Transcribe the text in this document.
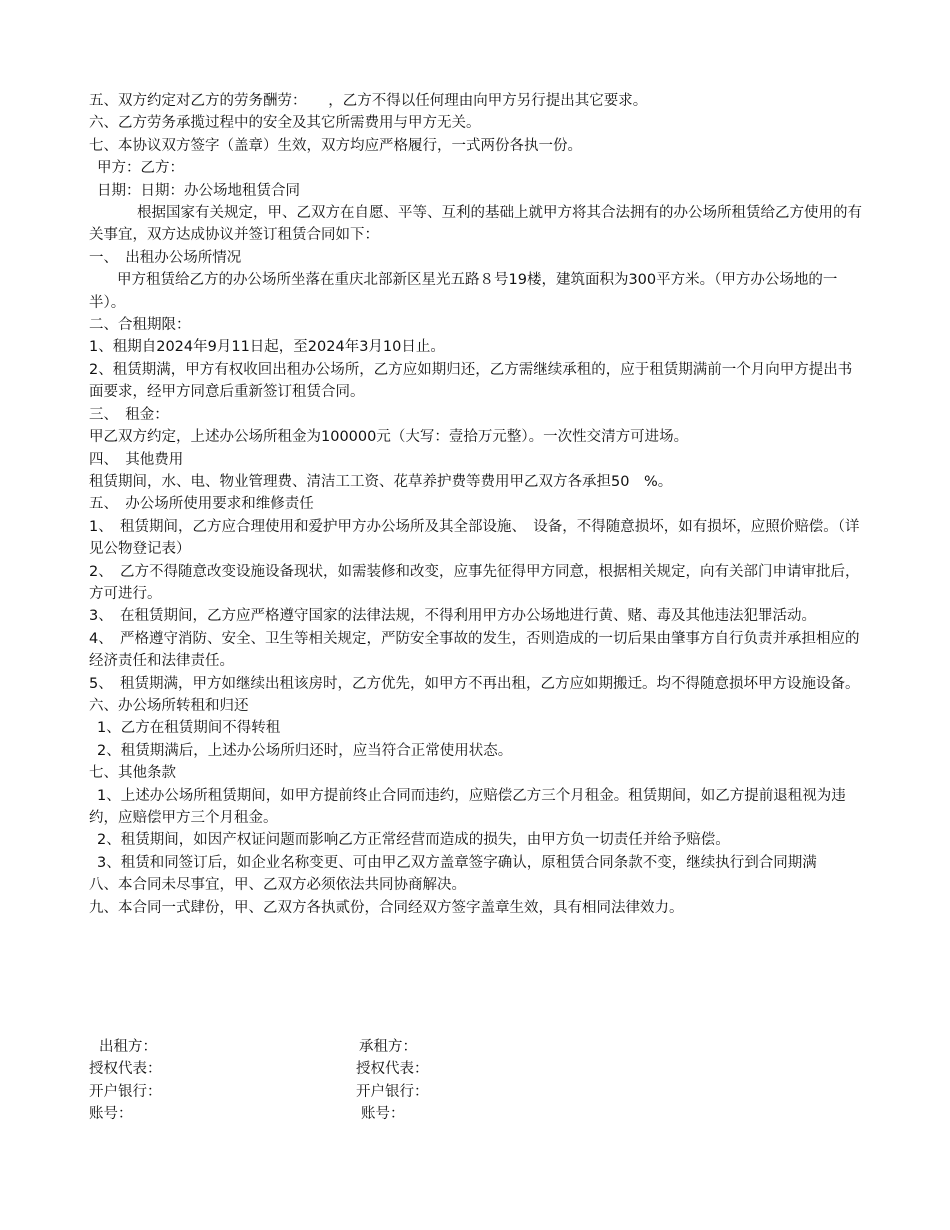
五、双方约定对乙方的劳务酬劳：　　，乙方不得以任何理由向甲方另行提出其它要求。
六、乙方劳务承揽过程中的安全及其它所需费用与甲方无关。
七、本协议双方签字（盖章）生效，双方均应严格履行，一式两份各执一份。
甲方：乙方：
日期：日期：办公场地租赁合同
根据国家有关规定，甲、乙双方在自愿、平等、互利的基础上就甲方将其合法拥有的办公场所租赁给乙方使用的有关事宜，双方达成协议并签订租赁合同如下：
一、　出租办公场所情况
甲方租赁给乙方的办公场所坐落在重庆北部新区星光五路８号19楼，建筑面积为300平方米。（甲方办公场地的一半）。
二、合租期限：
1、租期自2024年9月11日起，至2024年3月10日止。
2、租赁期满，甲方有权收回出租办公场所，乙方应如期归还，乙方需继续承租的，应于租赁期满前一个月向甲方提出书面要求，经甲方同意后重新签订租赁合同。
三、　租金：
甲乙双方约定，上述办公场所租金为100000元（大写：壹拾万元整）。一次性交清方可进场。
四、　其他费用
租赁期间，水、电、物业管理费、清洁工工资、花草养护费等费用甲乙双方各承担50　%。
五、　办公场所使用要求和维修责任
1、　租赁期间，乙方应合理使用和爱护甲方办公场所及其全部设施、　设备，不得随意损坏，如有损坏，应照价赔偿。（详见公物登记表）
2、　乙方不得随意改变设施设备现状，如需装修和改变，应事先征得甲方同意，根据相关规定，向有关部门申请审批后，方可进行。
3、　在租赁期间，乙方应严格遵守国家的法律法规，不得利用甲方办公场地进行黄、赌、毒及其他违法犯罪活动。
4、　严格遵守消防、安全、卫生等相关规定，严防安全事故的发生，否则造成的一切后果由肇事方自行负责并承担相应的经济责任和法律责任。
5、　租赁期满，甲方如继续出租该房时，乙方优先，如甲方不再出租，乙方应如期搬迁。均不得随意损坏甲方设施设备。
六、办公场所转租和归还
1、乙方在租赁期间不得转租
2、租赁期满后，上述办公场所归还时，应当符合正常使用状态。
七、其他条款
1、上述办公场所租赁期间，如甲方提前终止合同而违约，应赔偿乙方三个月租金。租赁期间，如乙方提前退租视为违约，应赔偿甲方三个月租金。
2、租赁期间，如因产权证问题而影响乙方正常经营而造成的损失，由甲方负一切责任并给予赔偿。
3、租赁和同签订后，如企业名称变更、可由甲乙双方盖章签字确认，原租赁合同条款不变，继续执行到合同期满
八、本合同未尽事宜，甲、乙双方必须依法共同协商解决。
九、本合同一式肆份，甲、乙双方各执贰份，合同经双方签字盖章生效，具有相同法律效力。
出租方：	承租方：
授权代表：	授权代表：
开户银行：	开户银行：
账号：	账号：
